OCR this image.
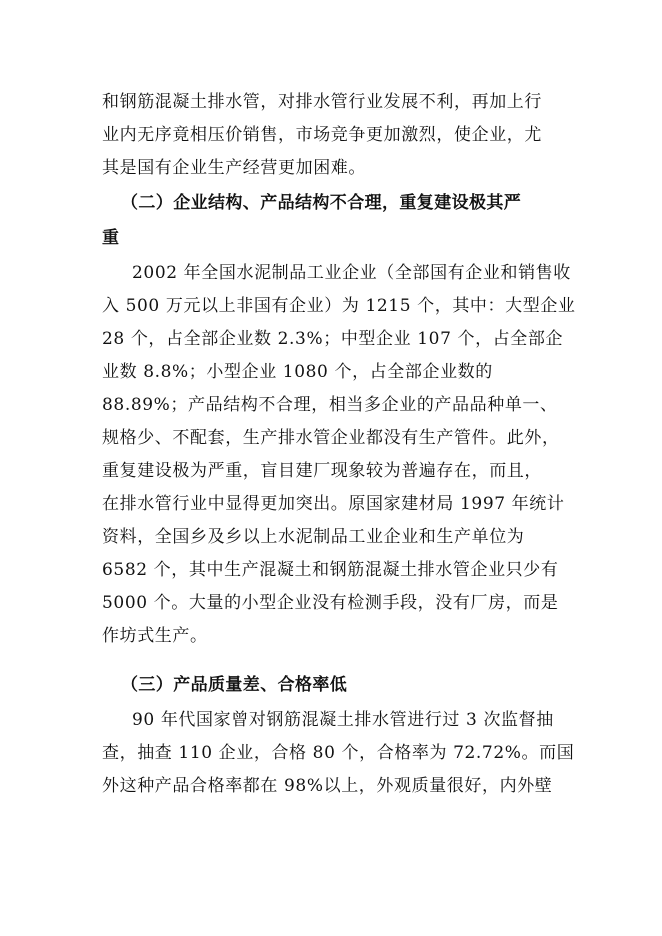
和钢筋混凝土排水管，对排水管行业发展不利，再加上行
业内无序竟相压价销售，市场竞争更加激烈，使企业，尤
其是国有企业生产经营更加困难。
（二）企业结构、产品结构不合理，重复建设极其严
重
2002 年全国水泥制品工业企业（全部国有企业和销售收
入 500 万元以上非国有企业）为 1215 个，其中：大型企业
28 个，占全部企业数 2.3%；中型企业 107 个，占全部企
业数 8.8%；小型企业 1080 个，占全部企业数的
88.89%；产品结构不合理，相当多企业的产品品种单一、
规格少、不配套，生产排水管企业都没有生产管件。此外，
重复建设极为严重，盲目建厂现象较为普遍存在，而且，
在排水管行业中显得更加突出。原国家建材局 1997 年统计
资料，全国乡及乡以上水泥制品工业企业和生产单位为
6582 个，其中生产混凝土和钢筋混凝土排水管企业只少有
5000 个。大量的小型企业没有检测手段，没有厂房，而是
作坊式生产。
（三）产品质量差、合格率低
90 年代国家曾对钢筋混凝土排水管进行过 3 次监督抽
查，抽查 110 企业，合格 80 个，合格率为 72.72%。而国
外这种产品合格率都在 98%以上，外观质量很好，内外壁
